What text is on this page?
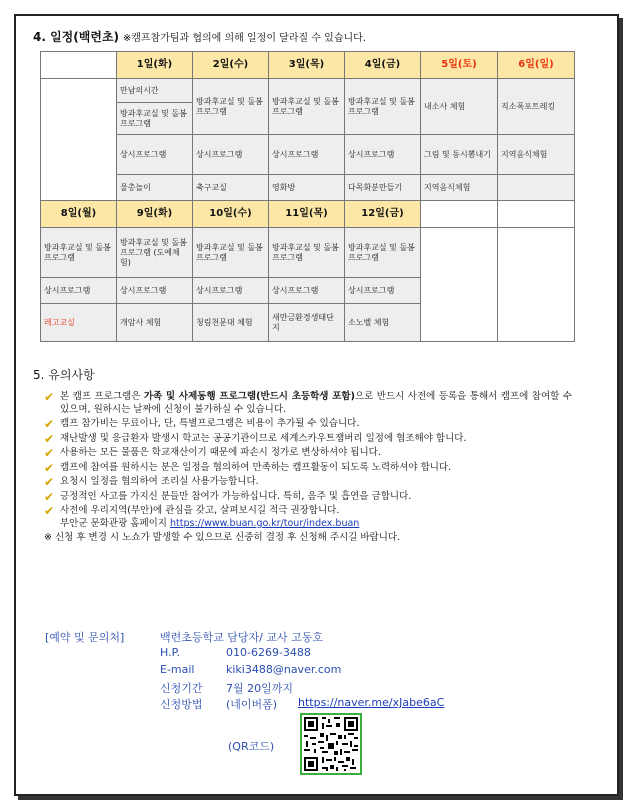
4. 일정(백련초) ※캠프참가팀과 협의에 의해 일정이 달라질 수 있습니다.
	1일(화)	2일(수)	3일(목)	4일(금)	5일(토)	6일(일)
	만남의시간	방과후교실 및 돌봄프로그램	방과후교실 및 돌봄프로그램	방과후교실 및 돌봄프로그램	내소사 체험	직소폭포트레킹
	방과후교실 및 돌봄프로그램					
	상시프로그램	상시프로그램	상시프로그램	상시프로그램	그림 및 동시뽐내기	지역음식체험
	물총놀이	축구교실	영화방	다목화분만들기	지역음식체험	
8일(월)	9일(화)	10일(수)	11일(목)	12일(금)		
방과후교실 및 돌봄프로그램	방과후교실 및 돌봄프로그램 (도예체험)	방과후교실 및 돌봄프로그램	방과후교실 및 돌봄프로그램	방과후교실 및 돌봄프로그램		
상시프로그램	상시프로그램	상시프로그램	상시프로그램	상시프로그램		
레고교실	개암사 체험	청림천문대 체험	새만금환경생태단지	소노벨 체험		
5. 유의사항
✔ 본 캠프 프로그램은 가족 및 사제동행 프로그램(반드시 초등학생 포함)으로 반드시 사전에 등록을 통해서 캠프에 참여할 수 있으며, 원하시는 날짜에 신청이 불가하실 수 있습니다.
✔ 캠프 참가비는 무료이나, 단, 특별프로그램은 비용이 추가될 수 있습니다.
✔ 재난발생 및 응급환자 발생시 학교는 공공기관이므로 세계스카우트잼버리 일정에 협조해야 합니다.
✔ 사용하는 모든 물품은 학교재산이기 때문에 파손시 정가로 변상하셔야 됩니다.
✔ 캠프에 참여를 원하시는 분은 일정을 협의하여 만족하는 캠프활동이 되도록 노력하셔야 합니다.
✔ 요청시 일정을 협의하여 조리실 사용가능합니다.
✔ 긍정적인 사고를 가지신 분들만 참여가 가능하십니다. 특히, 음주 및 흡연을 금합니다.
✔ 사전에 우리지역(부안)에 관심을 갖고, 살펴보시길 적극 권장합니다.
부안군 문화관광 홈페이지 https://www.buan.go.kr/tour/index.buan
※ 신청 후 변경 시 노쇼가 발생할 수 있으므로 신중히 결정 후 신청해 주시길 바랍니다.
[예약 및 문의처]	백련초등학교 담당자/ 교사 고동호
H.P.	010-6269-3488
E-mail	kiki3488@naver.com
신청기간 7월 20일까지
신청방법 (네이버폼) https://naver.me/xJabe6aC
(QR코드)
